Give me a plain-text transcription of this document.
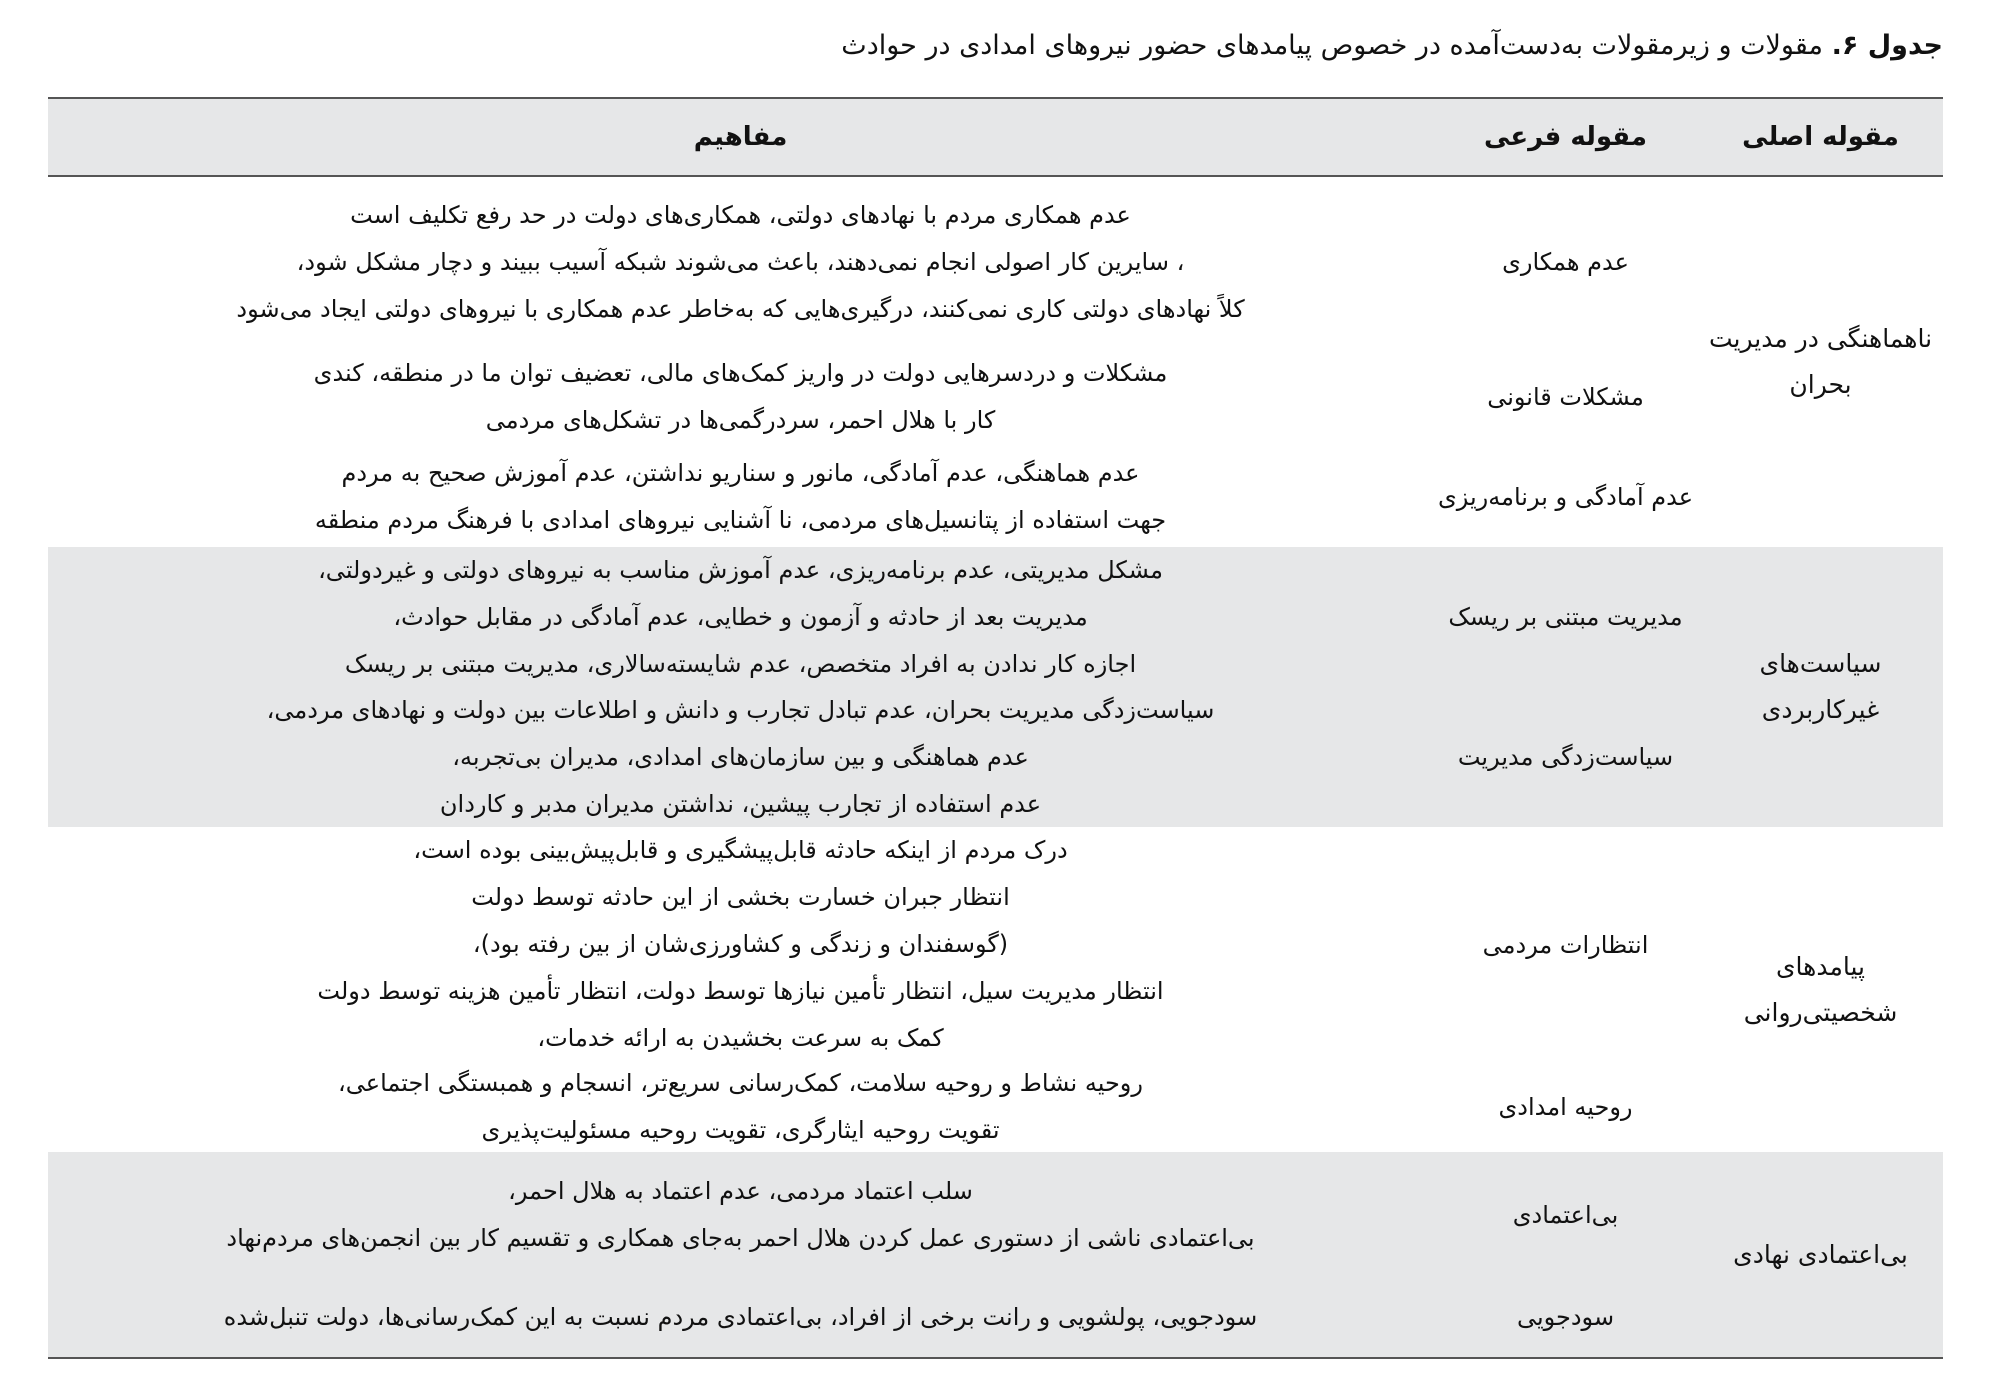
جدول ۶. مقولات و زیرمقولات به‌دست‌آمده در خصوص پیامدهای حضور نیروهای امدادی در حوادث
مقوله اصلی
مقوله فرعی
مفاهیم
ناهماهنگی در مدیریت بحران
عدم همکاری
عدم همکاری مردم با نهادهای دولتی، همکاری‌های دولت در حد رفع تکلیف است
، سایرین کار اصولی انجام نمی‌دهند، باعث می‌شوند شبکه آسیب ببیند و دچار مشکل شود،
کلاً نهادهای دولتی کاری نمی‌کنند، درگیری‌هایی که به‌خاطر عدم همکاری با نیروهای دولتی ایجاد می‌شود
مشکلات قانونی
مشکلات و دردسرهایی دولت در واریز کمک‌های مالی، تعضیف توان ما در منطقه، کندی
کار با هلال احمر، سردرگمی‌ها در تشکل‌های مردمی
عدم آمادگی و برنامه‌ریزی
عدم هماهنگی، عدم آمادگی، مانور و سناریو نداشتن، عدم آموزش صحیح به مردم
جهت استفاده از پتانسیل‌های مردمی، نا آشنایی نیروهای امدادی با فرهنگ مردم منطقه
سیاست‌های غیرکاربردی
مدیریت مبتنی بر ریسک
مشکل مدیریتی، عدم برنامه‌ریزی، عدم آموزش مناسب به نیروهای دولتی و غیردولتی،
مدیریت بعد از حادثه و آزمون و خطایی، عدم آمادگی در مقابل حوادث،
اجازه کار ندادن به افراد متخصص، عدم شایسته‌سالاری، مدیریت مبتنی بر ریسک
سیاست‌زدگی مدیریت
سیاست‌زدگی مدیریت بحران، عدم تبادل تجارب و دانش و اطلاعات بین دولت و نهادهای مردمی،
عدم هماهنگی و بین سازمان‌های امدادی، مدیران بی‌تجربه،
عدم استفاده از تجارب پیشین، نداشتن مدیران مدبر و کاردان
پیامدهای شخصیتی‌روانی
انتظارات مردمی
درک مردم از اینکه حادثه قابل‌پیشگیری و قابل‌پیش‌بینی بوده است،
انتظار جبران خسارت بخشی از این حادثه توسط دولت
(گوسفندان و زندگی و کشاورزی‌شان از بین رفته بود)،
انتظار مدیریت سیل، انتظار تأمین نیازها توسط دولت، انتظار تأمین هزینه توسط دولت
کمک به سرعت بخشیدن به ارائه خدمات،
روحیه امدادی
روحیه نشاط و روحیه سلامت، کمک‌رسانی سریع‌تر، انسجام و همبستگی اجتماعی،
تقویت روحیه ایثارگری، تقویت روحیه مسئولیت‌پذیری
بی‌اعتمادی نهادی
بی‌اعتمادی
سلب اعتماد مردمی، عدم اعتماد به هلال احمر،
بی‌اعتمادی ناشی از دستوری عمل کردن هلال احمر به‌جای همکاری و تقسیم کار بین انجمن‌های مردم‌نهاد
سودجویی
سودجویی، پولشویی و رانت برخی از افراد، بی‌اعتمادی مردم نسبت به این کمک‌رسانی‌ها، دولت تنبل‌شده
